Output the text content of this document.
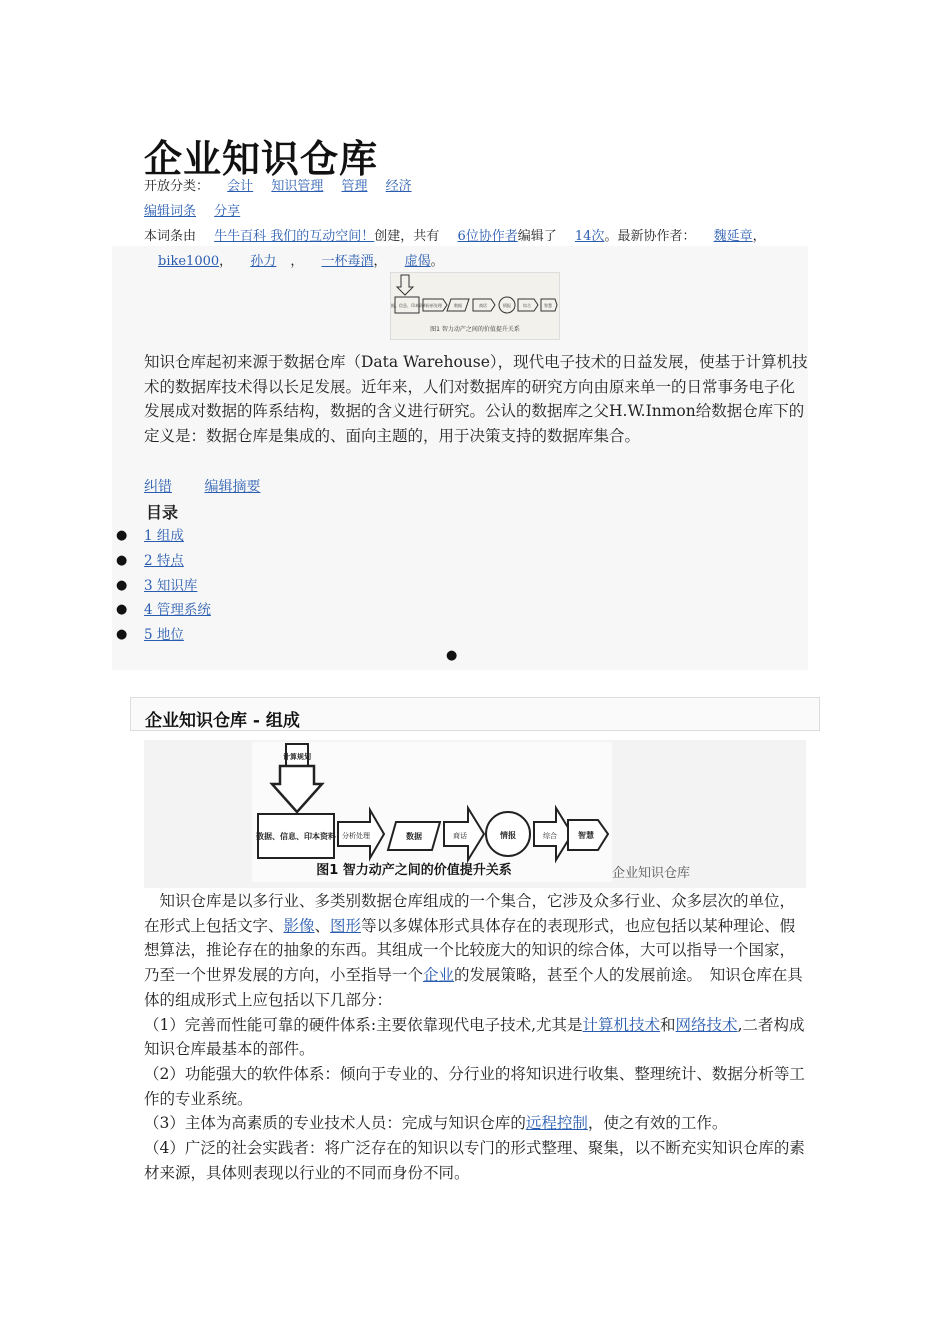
企业知识仓库
开放分类： 会计 知识管理 管理 经济
编辑词条 分享
本词条由 牛牛百科 我们的互动空间！创建，共有 6位协作者编辑了 14次。最新协作者： 魏延章，
bike1000， 孙力 ， 一杯毒酒， 虚偈。
数据、信息、印本资料 分析处理	数据	商话	情报	综合	智慧
图1 智力动产之间的价值提升关系

知识仓库起初来源于数据仓库（Data Warehouse），现代电子技术的日益发展，使基于计算机技术的数据库技术得以长足发展。近年来，人们对数据库的研究方向由原来单一的日常事务电子化发展成对数据的阵系结构，数据的含义进行研究。公认的数据库之父H.W.Inmon给数据仓库下的定义是：数据仓库是集成的、面向主题的，用于决策支持的数据库集合。

纠错 编辑摘要
目录
● 1 组成
● 2 特点
● 3 知识库
● 4 管理系统
● 5 地位
●
企业知识仓库 - 组成
计算规划
数据、信息、印本资料 分析处理	数据	商话	情报	综合	智慧
图1 智力动产之间的价值提升关系	企业知识仓库

　知识仓库是以多行业、多类别数据仓库组成的一个集合，它涉及众多行业、众多层次的单位，在形式上包括文字、影像、图形等以多媒体形式具体存在的表现形式，也应包括以某种理论、假想算法，推论存在的抽象的东西。其组成一个比较庞大的知识的综合体，大可以指导一个国家，乃至一个世界发展的方向，小至指导一个企业的发展策略，甚至个人的发展前途。　知识仓库在具体的组成形式上应包括以下几部分：

（1）完善而性能可靠的硬件体系:主要依靠现代电子技术,尤其是计算机技术和网络技术,二者构成知识仓库最基本的部件。

（2）功能强大的软件体系：倾向于专业的、分行业的将知识进行收集、整理统计、数据分析等工作的专业系统。

（3）主体为高素质的专业技术人员：完成与知识仓库的远程控制，使之有效的工作。

（4）广泛的社会实践者：将广泛存在的知识以专门的形式整理、聚集，以不断充实知识仓库的素材来源，具体则表现以行业的不同而身份不同。
